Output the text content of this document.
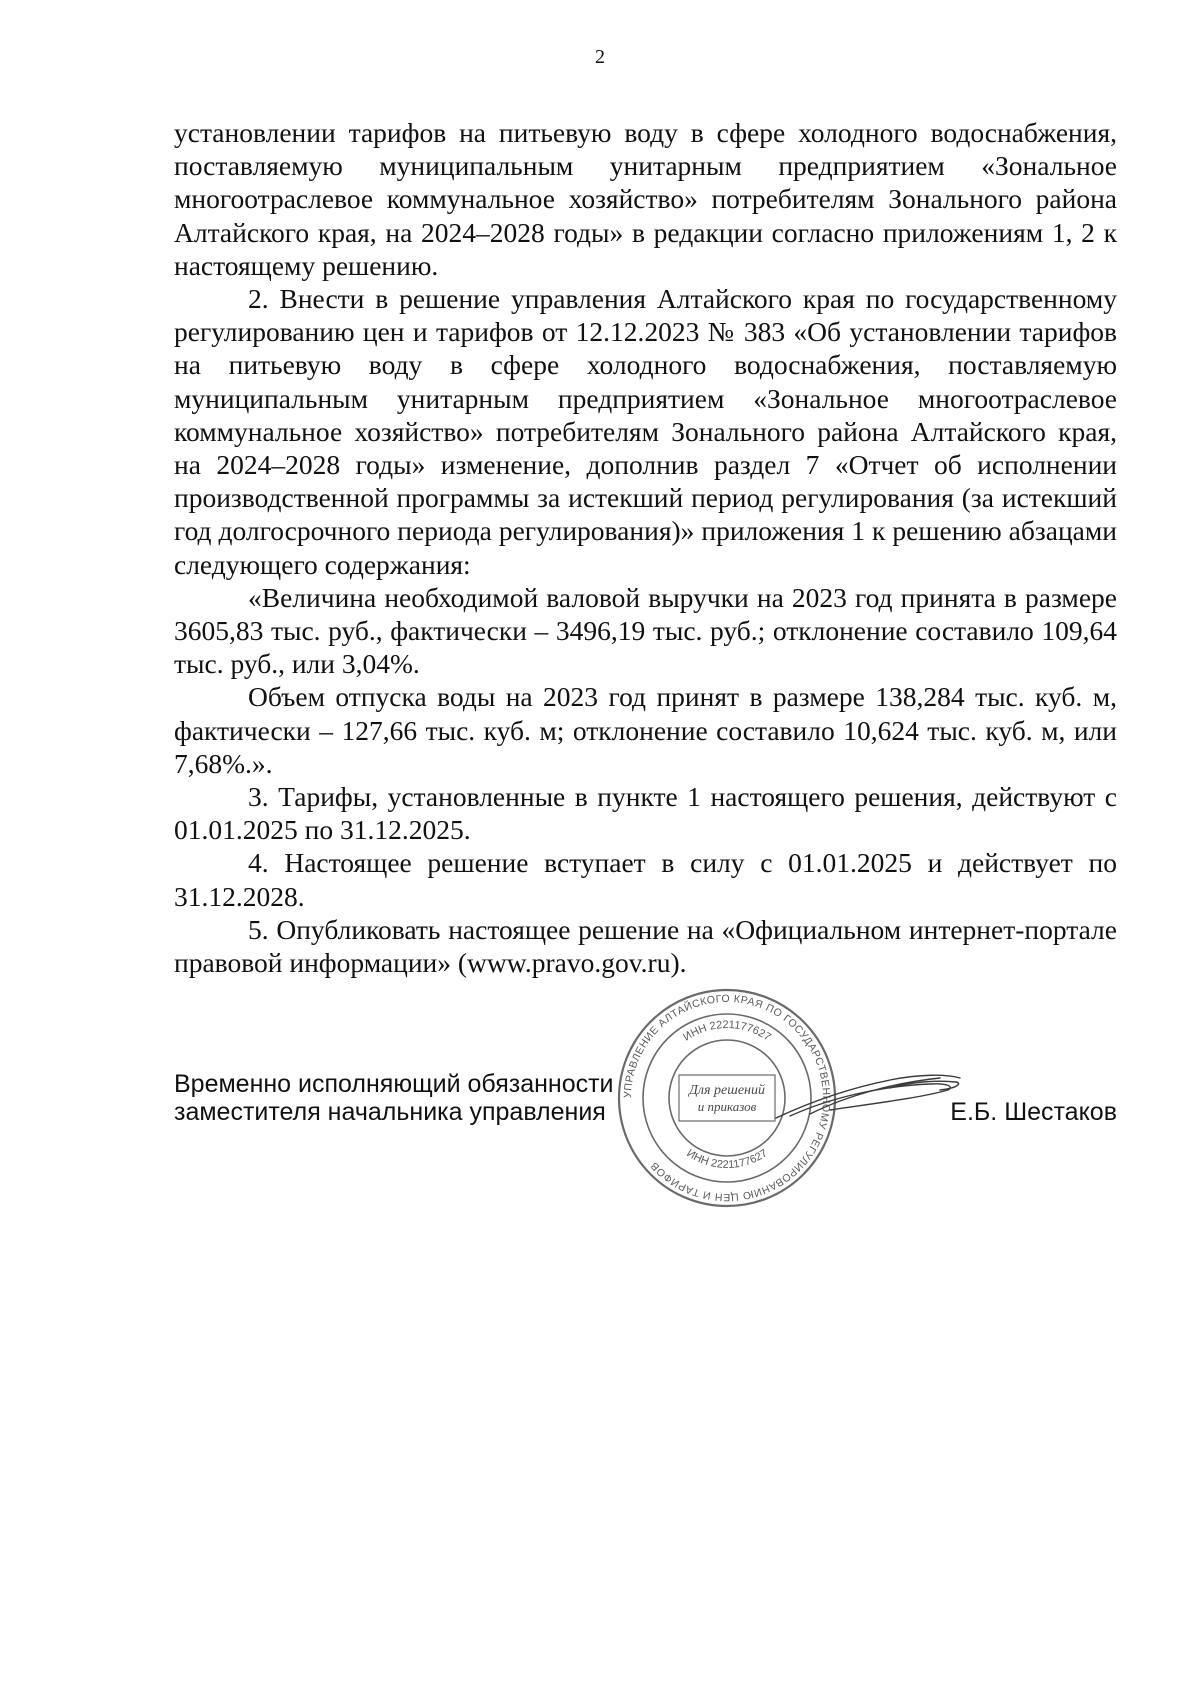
2

установлении тарифов на питьевую воду в сфере холодного водоснабжения, поставляемую муниципальным унитарным предприятием «Зональное многоотраслевое коммунальное хозяйство» потребителям Зонального района Алтайского края, на 2024–2028 годы» в редакции согласно приложениям 1, 2 к настоящему решению.

2. Внести в решение управления Алтайского края по государственному регулированию цен и тарифов от 12.12.2023 № 383 «Об установлении тарифов на питьевую воду в сфере холодного водоснабжения, поставляемую муниципальным унитарным предприятием «Зональное многоотраслевое коммунальное хозяйство» потребителям Зонального района Алтайского края, на 2024–2028 годы» изменение, дополнив раздел 7 «Отчет об исполнении производственной программы за истекший период регулирования (за истекший год долгосрочного периода регулирования)» приложения 1 к решению абзацами следующего содержания:

«Величина необходимой валовой выручки на 2023 год принята в размере 3605,83 тыс. руб., фактически – 3496,19 тыс. руб.; отклонение составило 109,64 тыс. руб., или 3,04%.

Объем отпуска воды на 2023 год принят в размере 138,284 тыс. куб. м, фактически – 127,66 тыс. куб. м; отклонение составило 10,624 тыс. куб. м, или 7,68%.».

3. Тарифы, установленные в пункте 1 настоящего решения, действуют с 01.01.2025 по 31.12.2025.

4. Настоящее решение вступает в силу с 01.01.2025 и действует по 31.12.2028.

5. Опубликовать настоящее решение на «Официальном интернет-портале правовой информации» (www.pravo.gov.ru).

Временно исполняющий обязанности
заместителя начальника управления	Е.Б. Шестаков
УПРАВЛЕНИЕ АЛТАЙСКОГО КРАЯ ПО ГОСУДАРСТВЕННОМУ РЕГУЛИРОВАНИЮ ЦЕН И ТАРИФОВ
ИНН 2221177627
ИНН 2221177627
Для решений
и приказов
